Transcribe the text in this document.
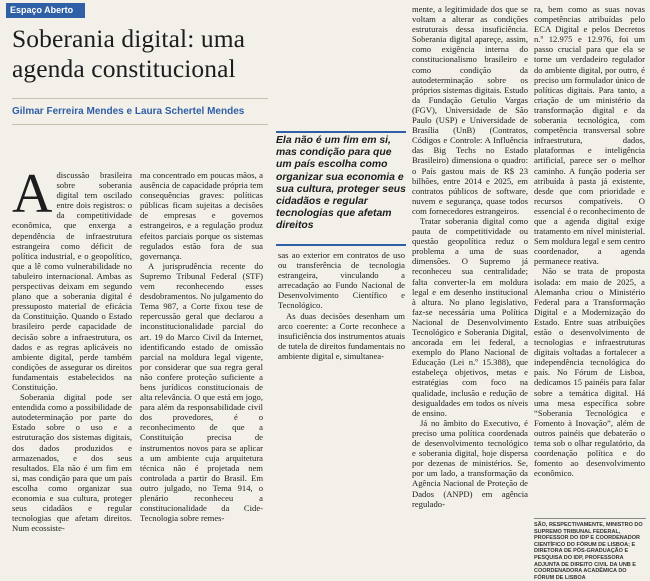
Espaço Aberto
Soberania digital: uma agenda constitucional
Gilmar Ferreira Mendes e Laura Schertel Mendes
A discussão brasileira sobre soberania digital tem oscilado entre dois registros: o da competitividade econômica, que enxerga a dependência de infraestrutura estrangeira como déficit de política industrial, e o geopolítico, que a lê como vulnerabilidade no tabuleiro internacional. Ambas as perspectivas deixam em segundo plano que a soberania digital é pressuposto material de eficácia da Constituição. Quando o Estado brasileiro perde capacidade de decisão sobre a infraestrutura, os dados e as regras aplicáveis no ambiente digital, perde também condições de assegurar os direitos fundamentais estabelecidos na Constituição.

Soberania digital pode ser entendida como a possibilidade de autodeterminação por parte do Estado sobre o uso e a estruturação dos sistemas digitais, dos dados produzidos e armazenados, e dos seus resultados. Ela não é um fim em si, mas condição para que um país escolha como organizar sua economia e sua cultura, proteger seus cidadãos e regular tecnologias que afetam direitos. Num ecossiste-

ma concentrado em poucas mãos, a ausência de capacidade própria tem consequências graves: políticas públicas ficam sujeitas a decisões de empresas e governos estrangeiros, e a regulação produz efeitos parciais porque os sistemas regulados estão fora de sua governança.

A jurisprudência recente do Supremo Tribunal Federal (STF) vem reconhecendo esses desdobramentos. No julgamento do Tema 987, a Corte fixou tese de repercussão geral que declarou a inconstitucionalidade parcial do art. 19 do Marco Civil da Internet, identificando estado de omissão parcial na moldura legal vigente, por considerar que sua regra geral não confere proteção suficiente a bens jurídicos constitucionais de alta relevância. O que está em jogo, para além da responsabilidade civil dos provedores, é o reconhecimento de que a Constituição precisa de instrumentos novos para se aplicar a um ambiente cuja arquitetura técnica não é projetada nem controlada a partir do Brasil. Em outro julgado, no Tema 914, o plenário reconheceu a constitucionalidade da Cide-Tecnologia sobre remes-

Ela não é um fim em si, mas condição para que um país escolha como organizar sua economia e sua cultura, proteger seus cidadãos e regular tecnologias que afetam direitos

sas ao exterior em contratos de uso ou transferência de tecnologia estrangeira, vinculando a arrecadação ao Fundo Nacional de Desenvolvimento Científico e Tecnológico.

As duas decisões desenham um arco coerente: a Corte reconhece a insuficiência dos instrumentos atuais de tutela de direitos fundamentais no ambiente digital e, simultanea-

mente, a legitimidade dos que se voltam a alterar as condições estruturais dessa insuficiência. Soberania digital apareçe, assim, como exigência interna do constitucionalismo brasileiro e como condição da autodeterminação sobre os próprios sistemas digitais. Estudo da Fundação Getulio Vargas (FGV), Universidade de São Paulo (USP) e Universidade de Brasília (UnB) (Contratos, Códigos e Controle: A Influência das Big Techs no Estado Brasileiro) dimensiona o quadro: o País gastou mais de R$ 23 bilhões, entre 2014 e 2025, em contratos públicos de software, nuvem e segurança, quase todos com fornecedores estrangeiros.

Tratar soberania digital como pauta de competitividade ou questão geopolítica reduz o problema a uma de suas dimensões. O Supremo já reconheceu sua centralidade; falta converter-la em moldura legal e em desenho institucional à altura. No plano legislativo, faz-se necessária uma Política Nacional de Desenvolvimento Tecnológico e Soberania Digital, ancorada em lei federal, a exemplo do Plano Nacional de Educação (Lei n.º 15.388), que estabeleça objetivos, metas e estratégias com foco na qualidade, inclusão e redução de desigualdades em todos os níveis de ensino.

Já no âmbito do Executivo, é preciso uma política coordenada de desenvolvimento tecnológico e soberania digital, hoje dispersa por dezenas de ministérios. Se, por um lado, a transformação da Agência Nacional de Proteção de Dados (ANPD) em agência regulado-

ra, bem como as suas novas competências atribuídas pelo ECA Digital e pelos Decretos n.º 12.975 e 12.976, foi um passo crucial para que ela se torne um verdadeiro regulador do ambiente digital, por outro, é preciso um formulador único de políticas digitais. Para tanto, a criação de um ministério da transformação digital e da soberania tecnológica, com competência transversal sobre infraestrutura, dados, plataformas e inteligência artificial, parece ser o melhor caminho. A função poderia ser atribuída à pasta já existente, desde que com prioridade e recursos compatíveis. O essencial é o reconhecimento de que a agenda digital exige tratamento em nível ministerial. Sem moldura legal e sem centro coordenador, a agenda permanece reativa.

Não se trata de proposta isolada: em maio de 2025, a Alemanha criou o Ministério Federal para a Transformação Digital e a Modernização do Estado. Entre suas atribuições estão o desenvolvimento de tecnologias e infraestruturas digitais voltadas a fortalecer a independência tecnológica do país. No Fórum de Lisboa, dedicamos 15 painéis para falar sobre a temática digital. Há uma mesa específica sobre “Soberania Tecnológica e Fomento à Inovação”, além de outros painéis que debaterão o tema sob o olhar regulatório, da coordenação política e do fomento ao desenvolvimento econômico.

SÃO, RESPECTIVAMENTE, MINISTRO DO SUPREMO TRIBUNAL FEDERAL, PROFESSOR DO IDP E COORDENADOR CIENTÍFICO DO FÓRUM DE LISBOA; E DIRETORA DE PÓS-GRADUAÇÃO E PESQUISA DO IDP, PROFESSORA ADJUNTA DE DIREITO CIVIL DA UNB E COORDENADORA ACADÊMICA DO FÓRUM DE LISBOA
